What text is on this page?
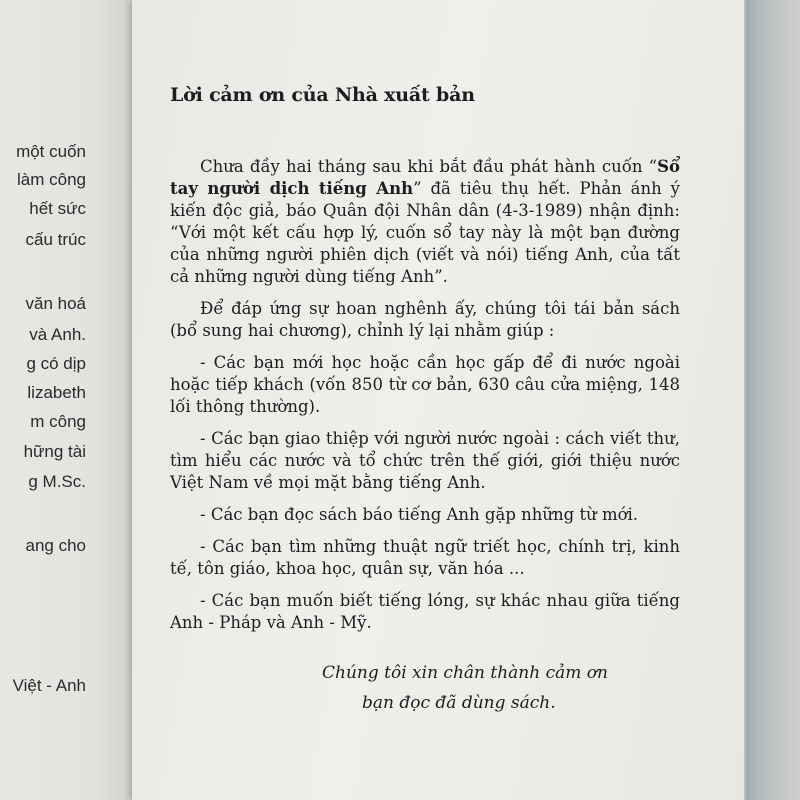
một cuốn
làm công
hết sức
cấu trúc
văn hoá
và Anh.
g có dịp
lizabeth
m công
hững tài
g M.Sc.
ang cho
Việt - Anh
Lời cảm ơn của Nhà xuất bản

Chưa đầy hai tháng sau khi bắt đầu phát hành cuốn “Sổ tay người dịch tiếng Anh” đã tiêu thụ hết. Phản ánh ý kiến độc giả, báo Quân đội Nhân dân (4-3-1989) nhận định: “Với một kết cấu hợp lý, cuốn sổ tay này là một bạn đường của những người phiên dịch (viết và nói) tiếng Anh, của tất cả những người dùng tiếng Anh”.

Để đáp ứng sự hoan nghênh ấy, chúng tôi tái bản sách (bổ sung hai chương), chỉnh lý lại nhằm giúp :

- Các bạn mới học hoặc cần học gấp để đi nước ngoài hoặc tiếp khách (vốn 850 từ cơ bản, 630 câu cửa miệng, 148 lối thông thường).

- Các bạn giao thiệp với người nước ngoài : cách viết thư, tìm hiểu các nước và tổ chức trên thế giới, giới thiệu nước Việt Nam về mọi mặt bằng tiếng Anh.

- Các bạn đọc sách báo tiếng Anh gặp những từ mới.

- Các bạn tìm những thuật ngữ triết học, chính trị, kinh tế, tôn giáo, khoa học, quân sự, văn hóa ...

- Các bạn muốn biết tiếng lóng, sự khác nhau giữa tiếng Anh - Pháp và Anh - Mỹ.

Chúng tôi xin chân thành cảm ơn
bạn đọc đã dùng sách.
